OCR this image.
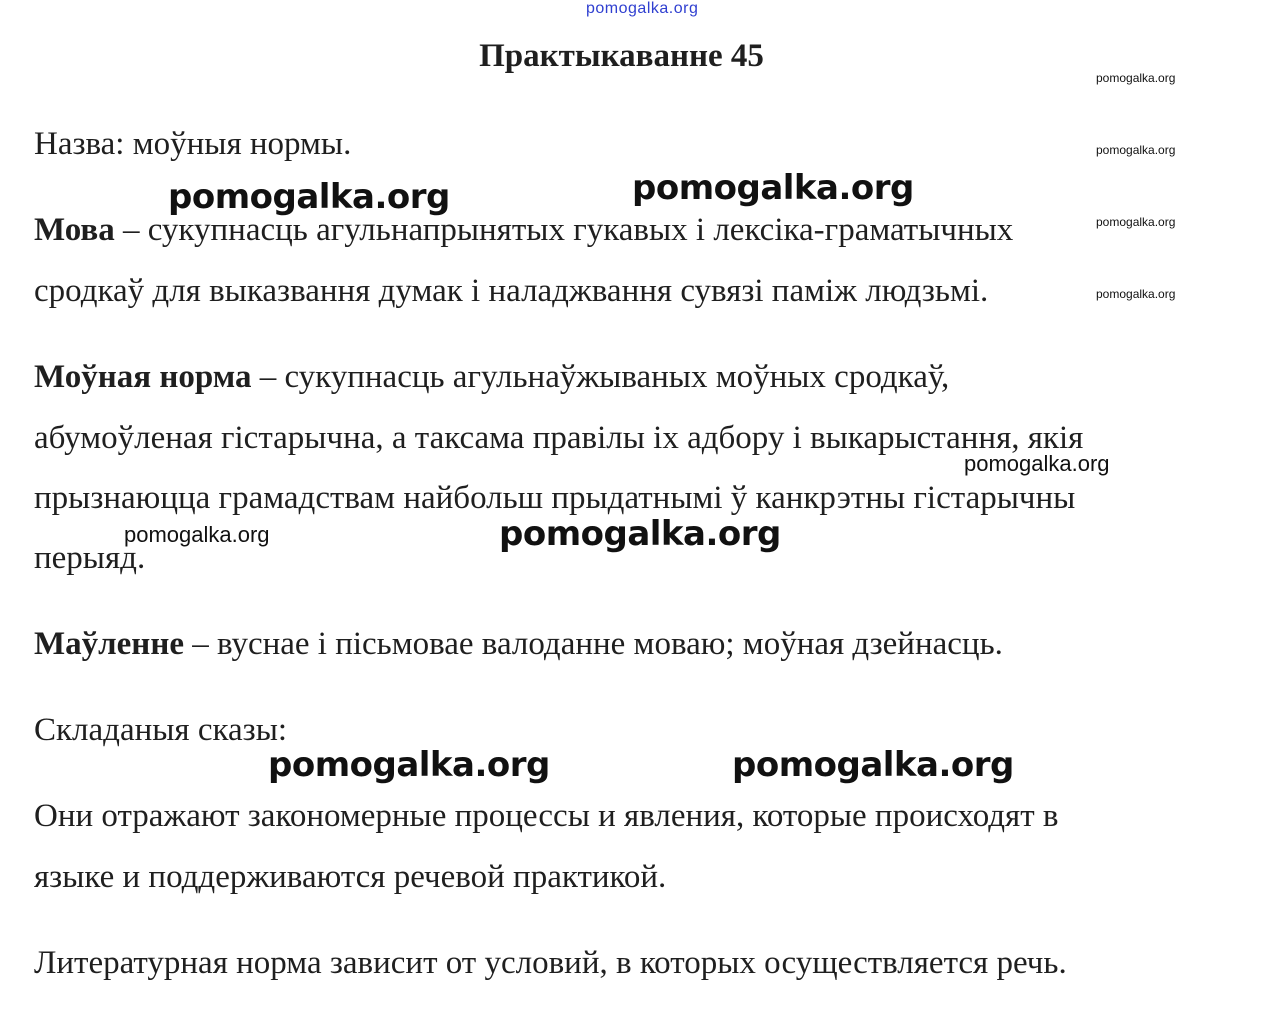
pomogalka.org
Практыкаванне 45
pomogalka.org
pomogalka.org
pomogalka.org
pomogalka.org
Назва: моўныя нормы.
Мова – сукупнасць агульнапрынятых гукавых і лексіка-граматычных
сродкаў для выказвання думак і наладжвання сувязі паміж людзьмі.
Моўная норма – сукупнасць агульнаўжываных моўных сродкаў,
абумоўленая гістарычна, а таксама правілы іх адбору і выкарыстання, якія
прызнаюцца грамадствам найбольш прыдатнымі ў канкрэтны гістарычны
перыяд.
Маўленне – вуснае і пісьмовае валоданне моваю; моўная дзейнасць.
Складаныя сказы:
Они отражают закономерные процессы и явления, которые происходят в
языке и поддерживаются речевой практикой.
Литературная норма зависит от условий, в которых осуществляется речь.
pomogalka.org	pomogalka.org
pomogalka.org
pomogalka.org	pomogalka.org
pomogalka.org
pomogalka.org
